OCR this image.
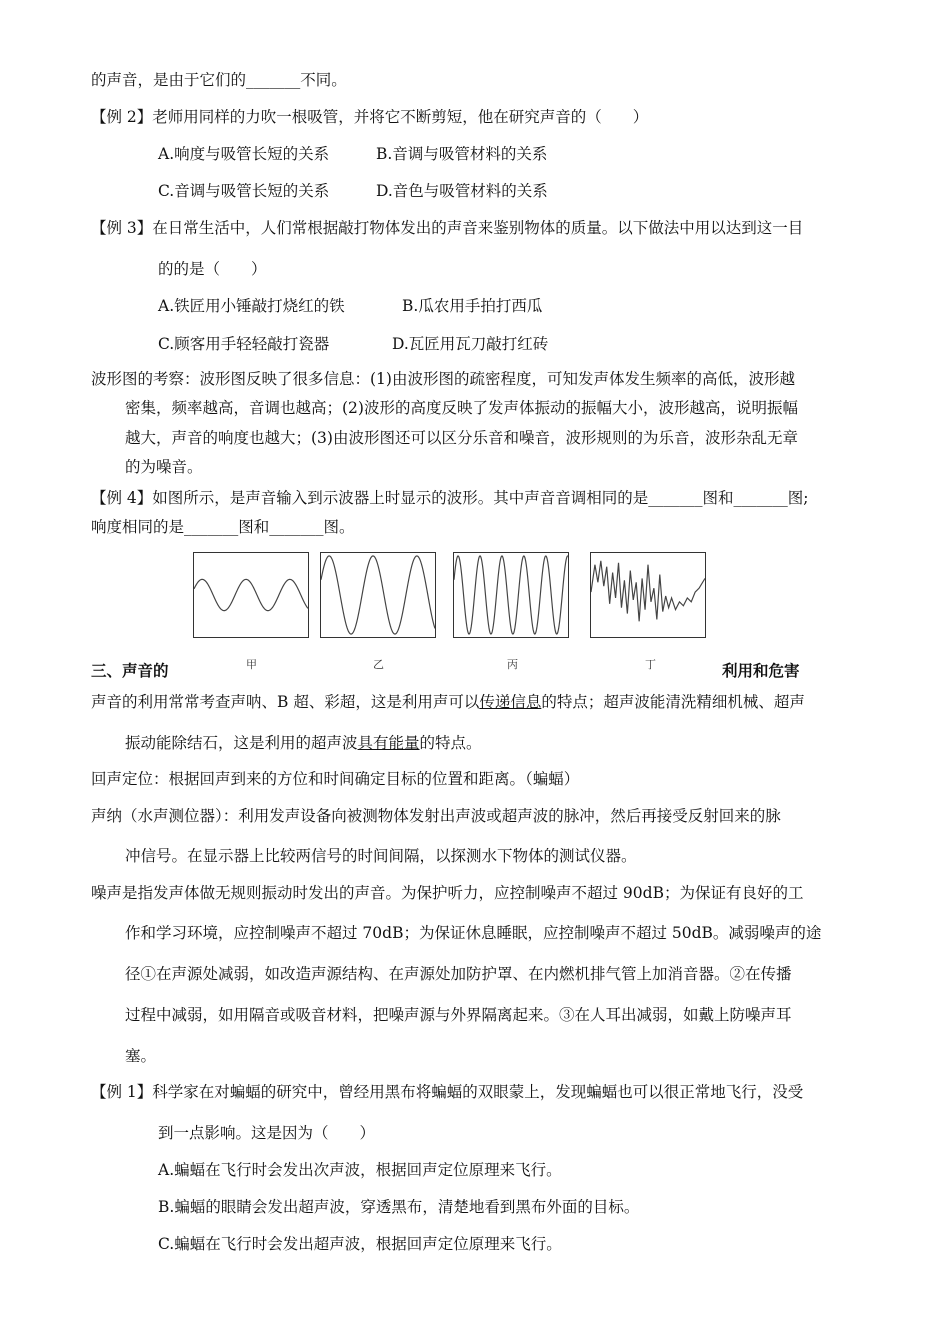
的声音，是由于它们的_______不同。
【例 2】老师用同样的力吹一根吸管，并将它不断剪短，他在研究声音的（　　）
A.响度与吸管长短的关系	B.音调与吸管材料的关系
C.音调与吸管长短的关系	D.音色与吸管材料的关系
【例 3】在日常生活中，人们常根据敲打物体发出的声音来鉴别物体的质量。以下做法中用以达到这一目
的的是（　　）
A.铁匠用小锤敲打烧红的铁	B.瓜农用手拍打西瓜
C.顾客用手轻轻敲打瓷器	D.瓦匠用瓦刀敲打红砖
波形图的考察：波形图反映了很多信息：(1)由波形图的疏密程度，可知发声体发生频率的高低，波形越
密集，频率越高，音调也越高；(2)波形的高度反映了发声体振动的振幅大小，波形越高，说明振幅
越大，声音的响度也越大；(3)由波形图还可以区分乐音和噪音，波形规则的为乐音，波形杂乱无章
的为噪音。
【例 4】如图所示，是声音输入到示波器上时显示的波形。其中声音音调相同的是_______图和_______图;
响度相同的是_______图和_______图。
甲	乙	丙	丁
三、声音的	利用和危害
声音的利用常常考查声呐、B 超、彩超，这是利用声可以传递信息的特点；超声波能清洗精细机械、超声
振动能除结石，这是利用的超声波具有能量的特点。
回声定位：根据回声到来的方位和时间确定目标的位置和距离。（蝙蝠）
声纳（水声测位器）：利用发声设备向被测物体发射出声波或超声波的脉冲，然后再接受反射回来的脉
冲信号。在显示器上比较两信号的时间间隔，以探测水下物体的测试仪器。
噪声是指发声体做无规则振动时发出的声音。为保护听力，应控制噪声不超过 90dB；为保证有良好的工
作和学习环境，应控制噪声不超过 70dB；为保证休息睡眠，应控制噪声不超过 50dB。减弱噪声的途
径①在声源处减弱，如改造声源结构、在声源处加防护罩、在内燃机排气管上加消音器。②在传播
过程中减弱，如用隔音或吸音材料，把噪声源与外界隔离起来。③在人耳出减弱，如戴上防噪声耳
塞。
【例 1】科学家在对蝙蝠的研究中，曾经用黑布将蝙蝠的双眼蒙上，发现蝙蝠也可以很正常地飞行，没受
到一点影响。这是因为（　　）
A.蝙蝠在飞行时会发出次声波，根据回声定位原理来飞行。
B.蝙蝠的眼睛会发出超声波，穿透黑布，清楚地看到黑布外面的目标。
C.蝙蝠在飞行时会发出超声波，根据回声定位原理来飞行。
